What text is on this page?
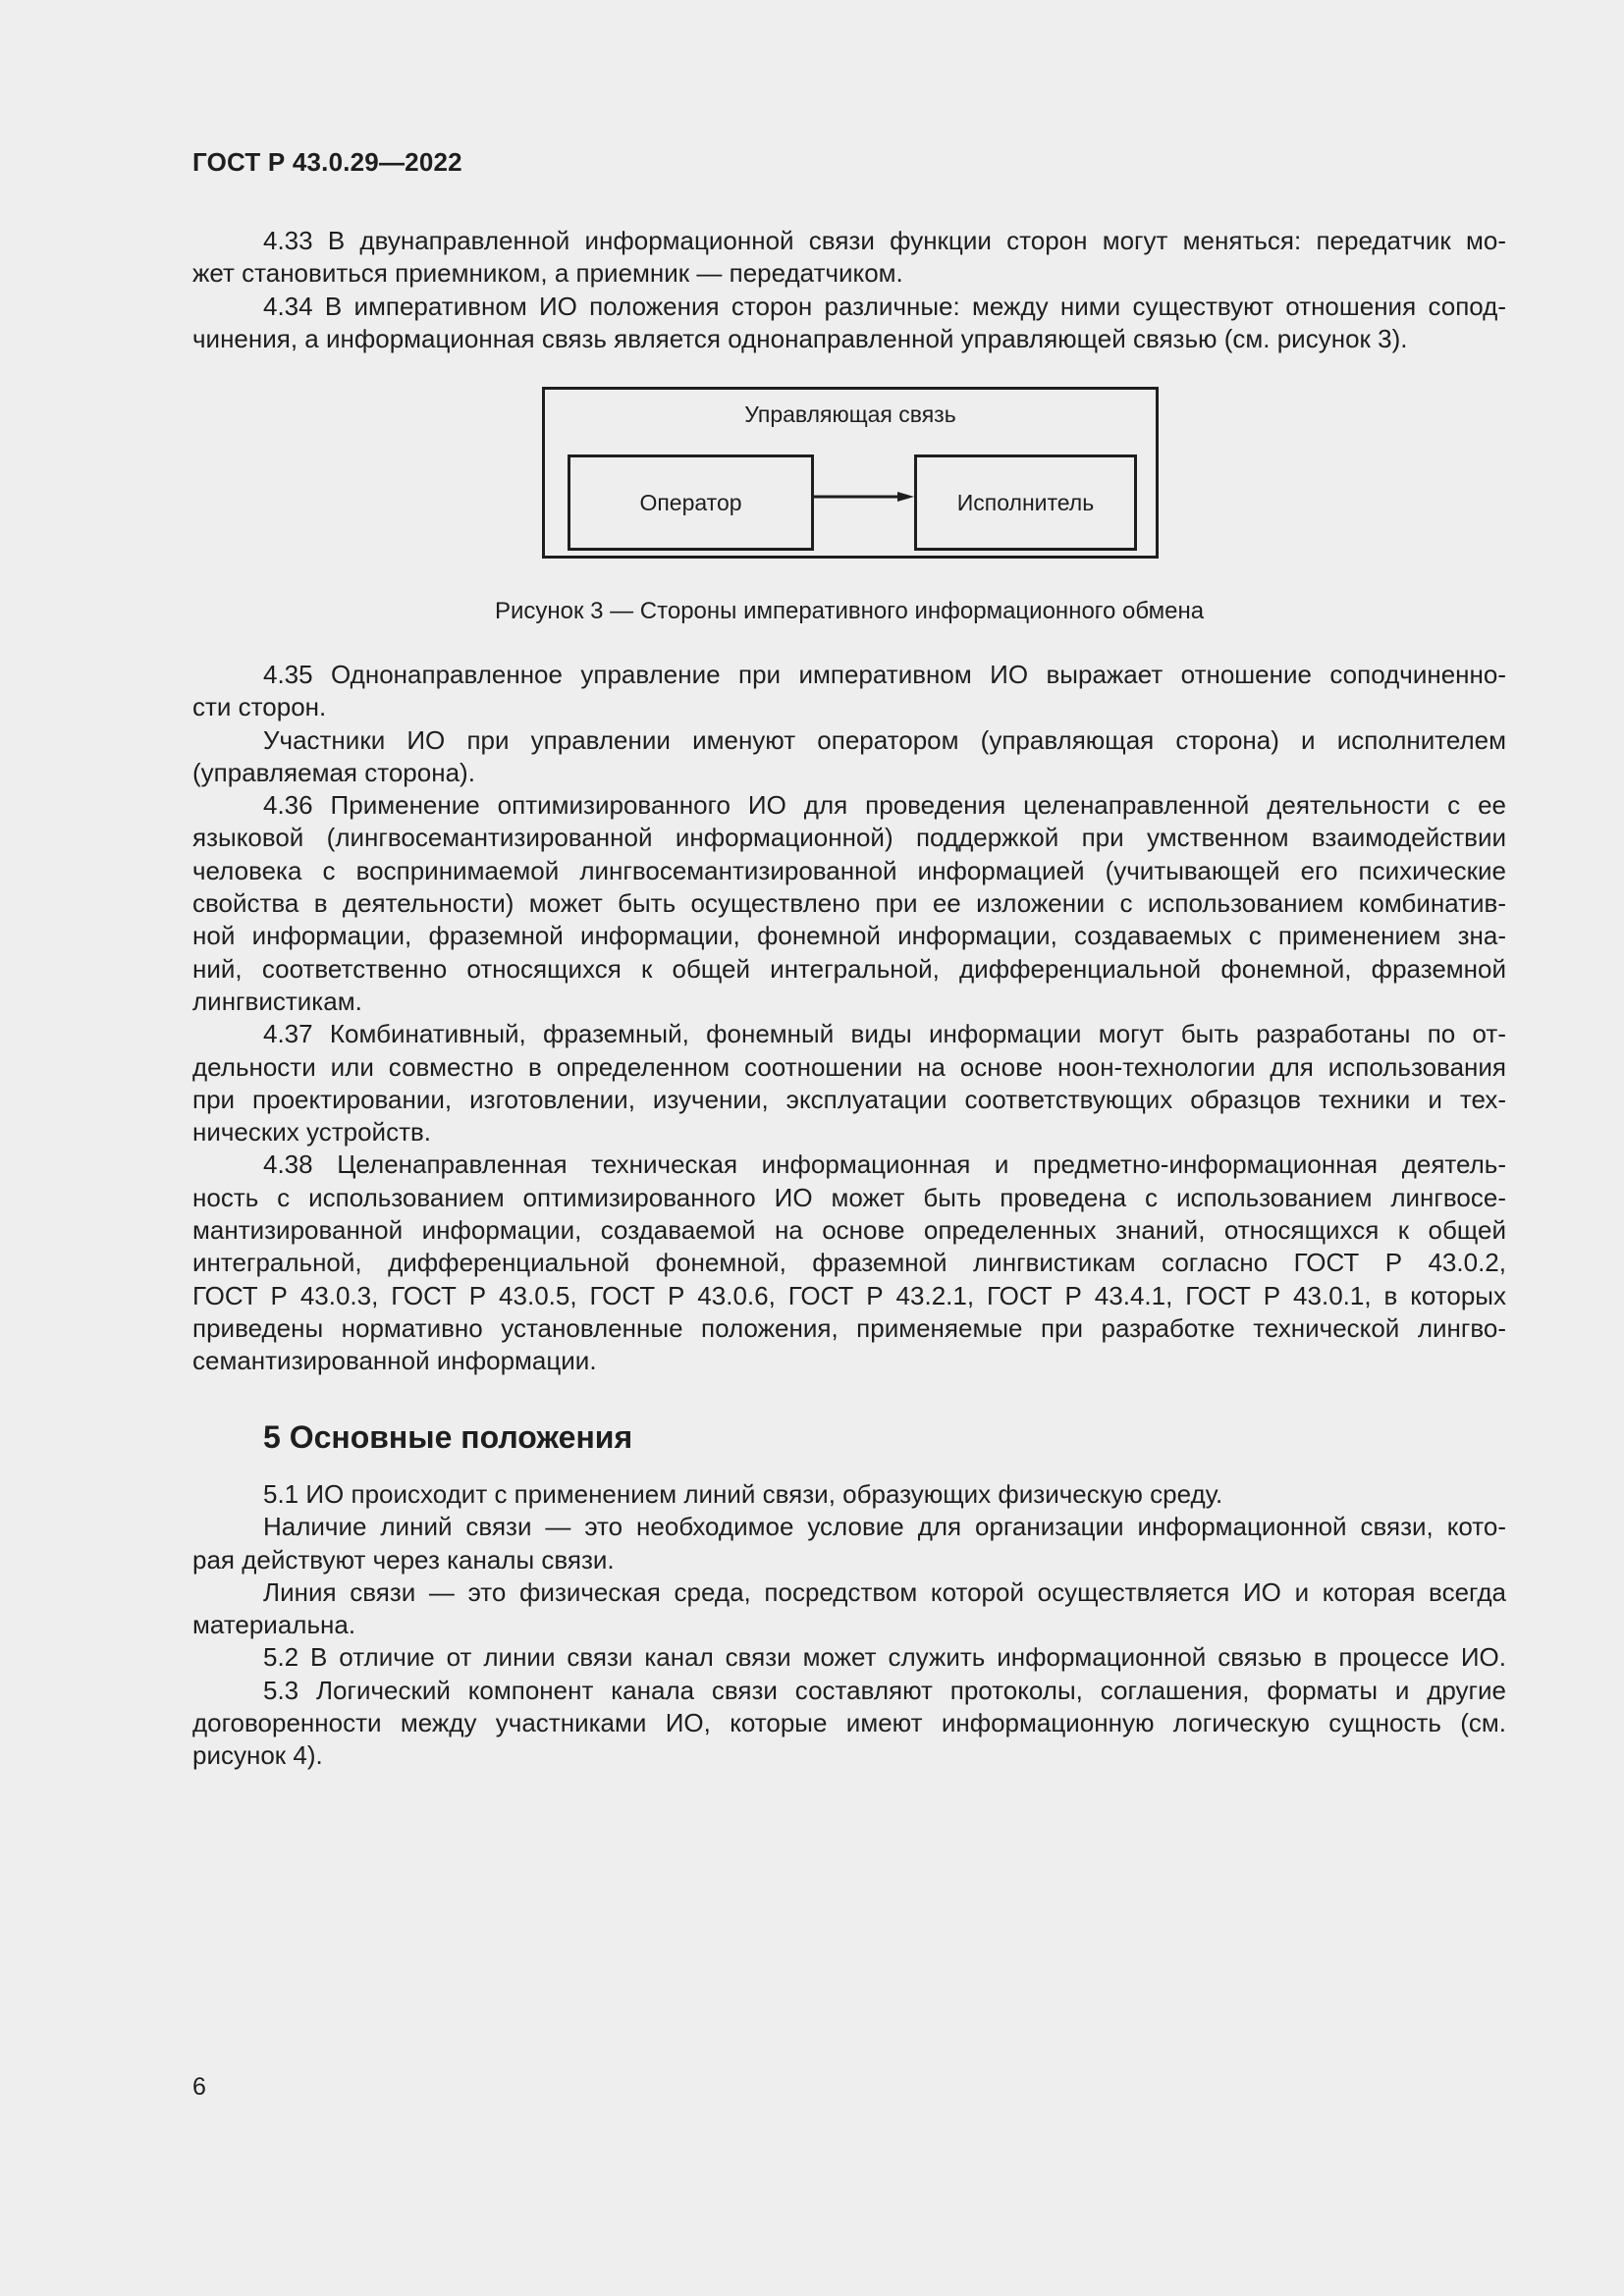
ГОСТ Р 43.0.29—2022
4.33 В двунаправленной информационной связи функции сторон могут меняться: передатчик мо-
жет становиться приемником, а приемник — передатчиком.
4.34 В императивном ИО положения сторон различные: между ними существуют отношения сопод-
чинения, а информационная связь является однонаправленной управляющей связью (см. рисунок 3).
Управляющая связь
Оператор	Исполнитель
Рисунок 3 — Стороны императивного информационного обмена
4.35 Однонаправленное управление при императивном ИО выражает отношение соподчиненно-
сти сторон.
Участники ИО при управлении именуют оператором (управляющая сторона) и исполнителем
(управляемая сторона).
4.36 Применение оптимизированного ИО для проведения целенаправленной деятельности с ее
языковой (лингвосемантизированной информационной) поддержкой при умственном взаимодействии
человека с воспринимаемой лингвосемантизированной информацией (учитывающей его психические
свойства в деятельности) может быть осуществлено при ее изложении с использованием комбинатив-
ной информации, фраземной информации, фонемной информации, создаваемых с применением зна-
ний, соответственно относящихся к общей интегральной, дифференциальной фонемной, фраземной
лингвистикам.
4.37 Комбинативный, фраземный, фонемный виды информации могут быть разработаны по от-
дельности или совместно в определенном соотношении на основе ноон-технологии для использования
при проектировании, изготовлении, изучении, эксплуатации соответствующих образцов техники и тех-
нических устройств.
4.38 Целенаправленная техническая информационная и предметно-информационная деятель-
ность с использованием оптимизированного ИО может быть проведена с использованием лингвосе-
мантизированной информации, создаваемой на основе определенных знаний, относящихся к общей
интегральной, дифференциальной фонемной, фраземной лингвистикам согласно ГОСТ Р 43.0.2,
ГОСТ Р 43.0.3, ГОСТ Р 43.0.5, ГОСТ Р 43.0.6, ГОСТ Р 43.2.1, ГОСТ Р 43.4.1, ГОСТ Р 43.0.1, в которых
приведены нормативно установленные положения, применяемые при разработке технической лингво-
семантизированной информации.
5 Основные положения
5.1 ИО происходит с применением линий связи, образующих физическую среду.
Наличие линий связи — это необходимое условие для организации информационной связи, кото-
рая действуют через каналы связи.
Линия связи — это физическая среда, посредством которой осуществляется ИО и которая всегда
материальна.
5.2 В отличие от линии связи канал связи может служить информационной связью в процессе ИО.
5.3 Логический компонент канала связи составляют протоколы, соглашения, форматы и другие
договоренности между участниками ИО, которые имеют информационную логическую сущность (см.
рисунок 4).
6
